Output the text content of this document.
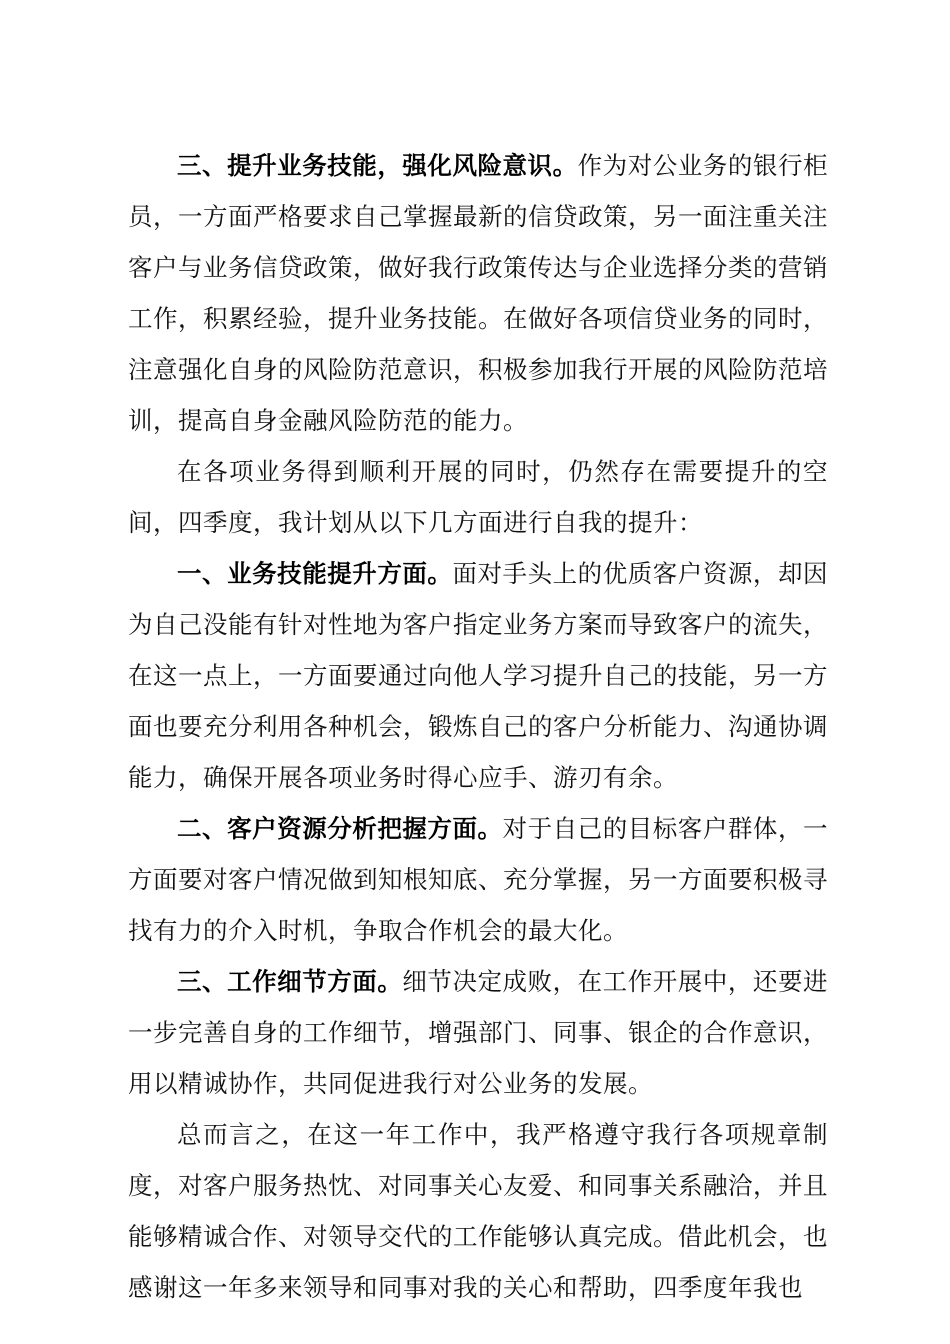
三、提升业务技能，强化风险意识。作为对公业务的银行柜员，一方面严格要求自己掌握最新的信贷政策，另一面注重关注客户与业务信贷政策，做好我行政策传达与企业选择分类的营销工作，积累经验，提升业务技能。在做好各项信贷业务的同时，注意强化自身的风险防范意识，积极参加我行开展的风险防范培训，提高自身金融风险防范的能力。

在各项业务得到顺利开展的同时，仍然存在需要提升的空间，四季度，我计划从以下几方面进行自我的提升：

一、业务技能提升方面。面对手头上的优质客户资源，却因为自己没能有针对性地为客户指定业务方案而导致客户的流失，在这一点上，一方面要通过向他人学习提升自己的技能，另一方面也要充分利用各种机会，锻炼自己的客户分析能力、沟通协调能力，确保开展各项业务时得心应手、游刃有余。

二、客户资源分析把握方面。对于自己的目标客户群体，一方面要对客户情况做到知根知底、充分掌握，另一方面要积极寻找有力的介入时机，争取合作机会的最大化。

三、工作细节方面。细节决定成败，在工作开展中，还要进一步完善自身的工作细节，增强部门、同事、银企的合作意识，用以精诚协作，共同促进我行对公业务的发展。

总而言之，在这一年工作中，我严格遵守我行各项规章制度，对客户服务热忱、对同事关心友爱、和同事关系融洽，并且能够精诚合作、对领导交代的工作能够认真完成。借此机会，也感谢这一年多来领导和同事对我的关心和帮助，四季度年我也
